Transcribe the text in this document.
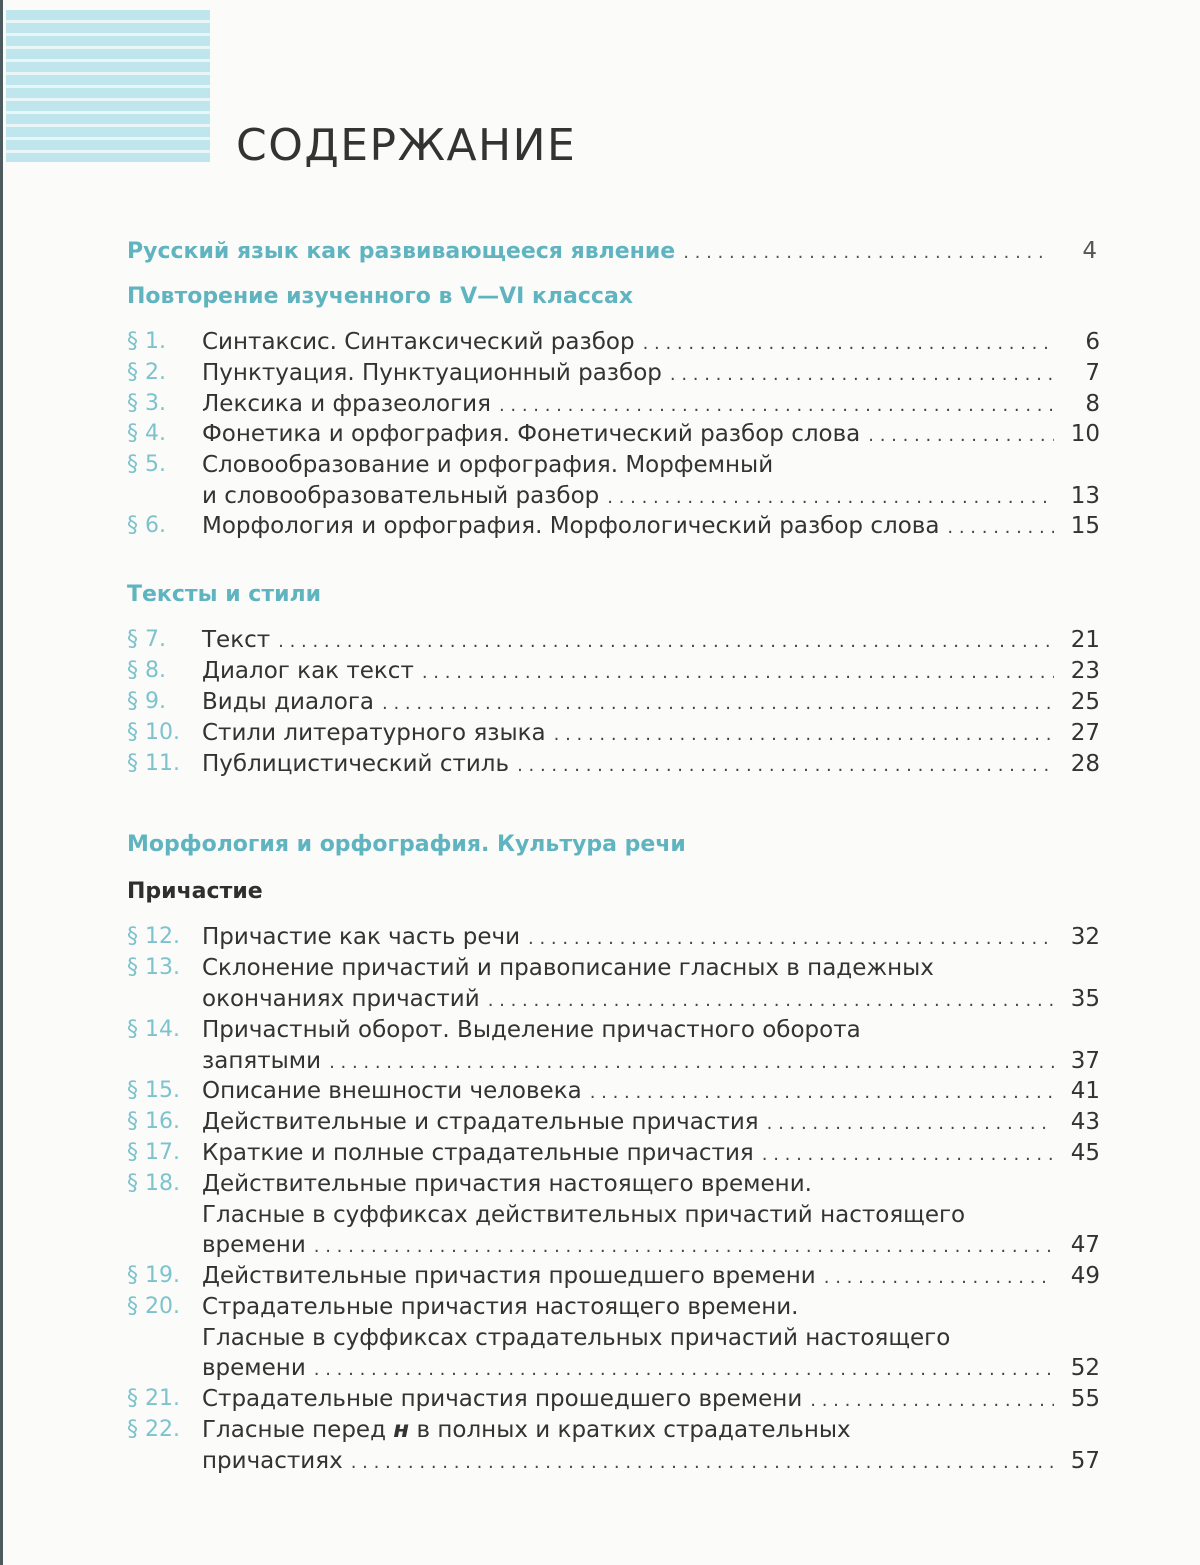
СОДЕРЖАНИЕ
Русский язык как развивающееся явление . . .	4
Повторение изученного в V—VI классах
§ 1. Синтаксис. Синтаксический разбор . . .	6
§ 2. Пунктуация. Пунктуационный разбор . . .	7
§ 3. Лексика и фразеология . . .	8
§ 4. Фонетика и орфография. Фонетический разбор слова . . .	10
§ 5. Словообразование и орфография. Морфемный
и словообразовательный разбор . . .	13
§ 6. Морфология и орфография. Морфологический разбор слова . . .	15
Тексты и стили
§ 7. Текст . . .	21
§ 8. Диалог как текст . . .	23
§ 9. Виды диалога . . .	25
§ 10. Стили литературного языка . . .	27
§ 11. Публицистический стиль . . .	28
Морфология и орфография. Культура речи
Причастие
§ 12. Причастие как часть речи . . .	32
§ 13. Склонение причастий и правописание гласных в падежных
окончаниях причастий . . .	35
§ 14. Причастный оборот. Выделение причастного оборота
запятыми . . .	37
§ 15. Описание внешности человека . . .	41
§ 16. Действительные и страдательные причастия . . .	43
§ 17. Краткие и полные страдательные причастия . . .	45
§ 18. Действительные причастия настоящего времени.
Гласные в суффиксах действительных причастий настоящего
времени . . .	47
§ 19. Действительные причастия прошедшего времени . . .	49
§ 20. Страдательные причастия настоящего времени.
Гласные в суффиксах страдательных причастий настоящего
времени . . .	52
§ 21. Страдательные причастия прошедшего времени . . .	55
§ 22. Гласные перед н в полных и кратких страдательных
причастиях . . .	57
